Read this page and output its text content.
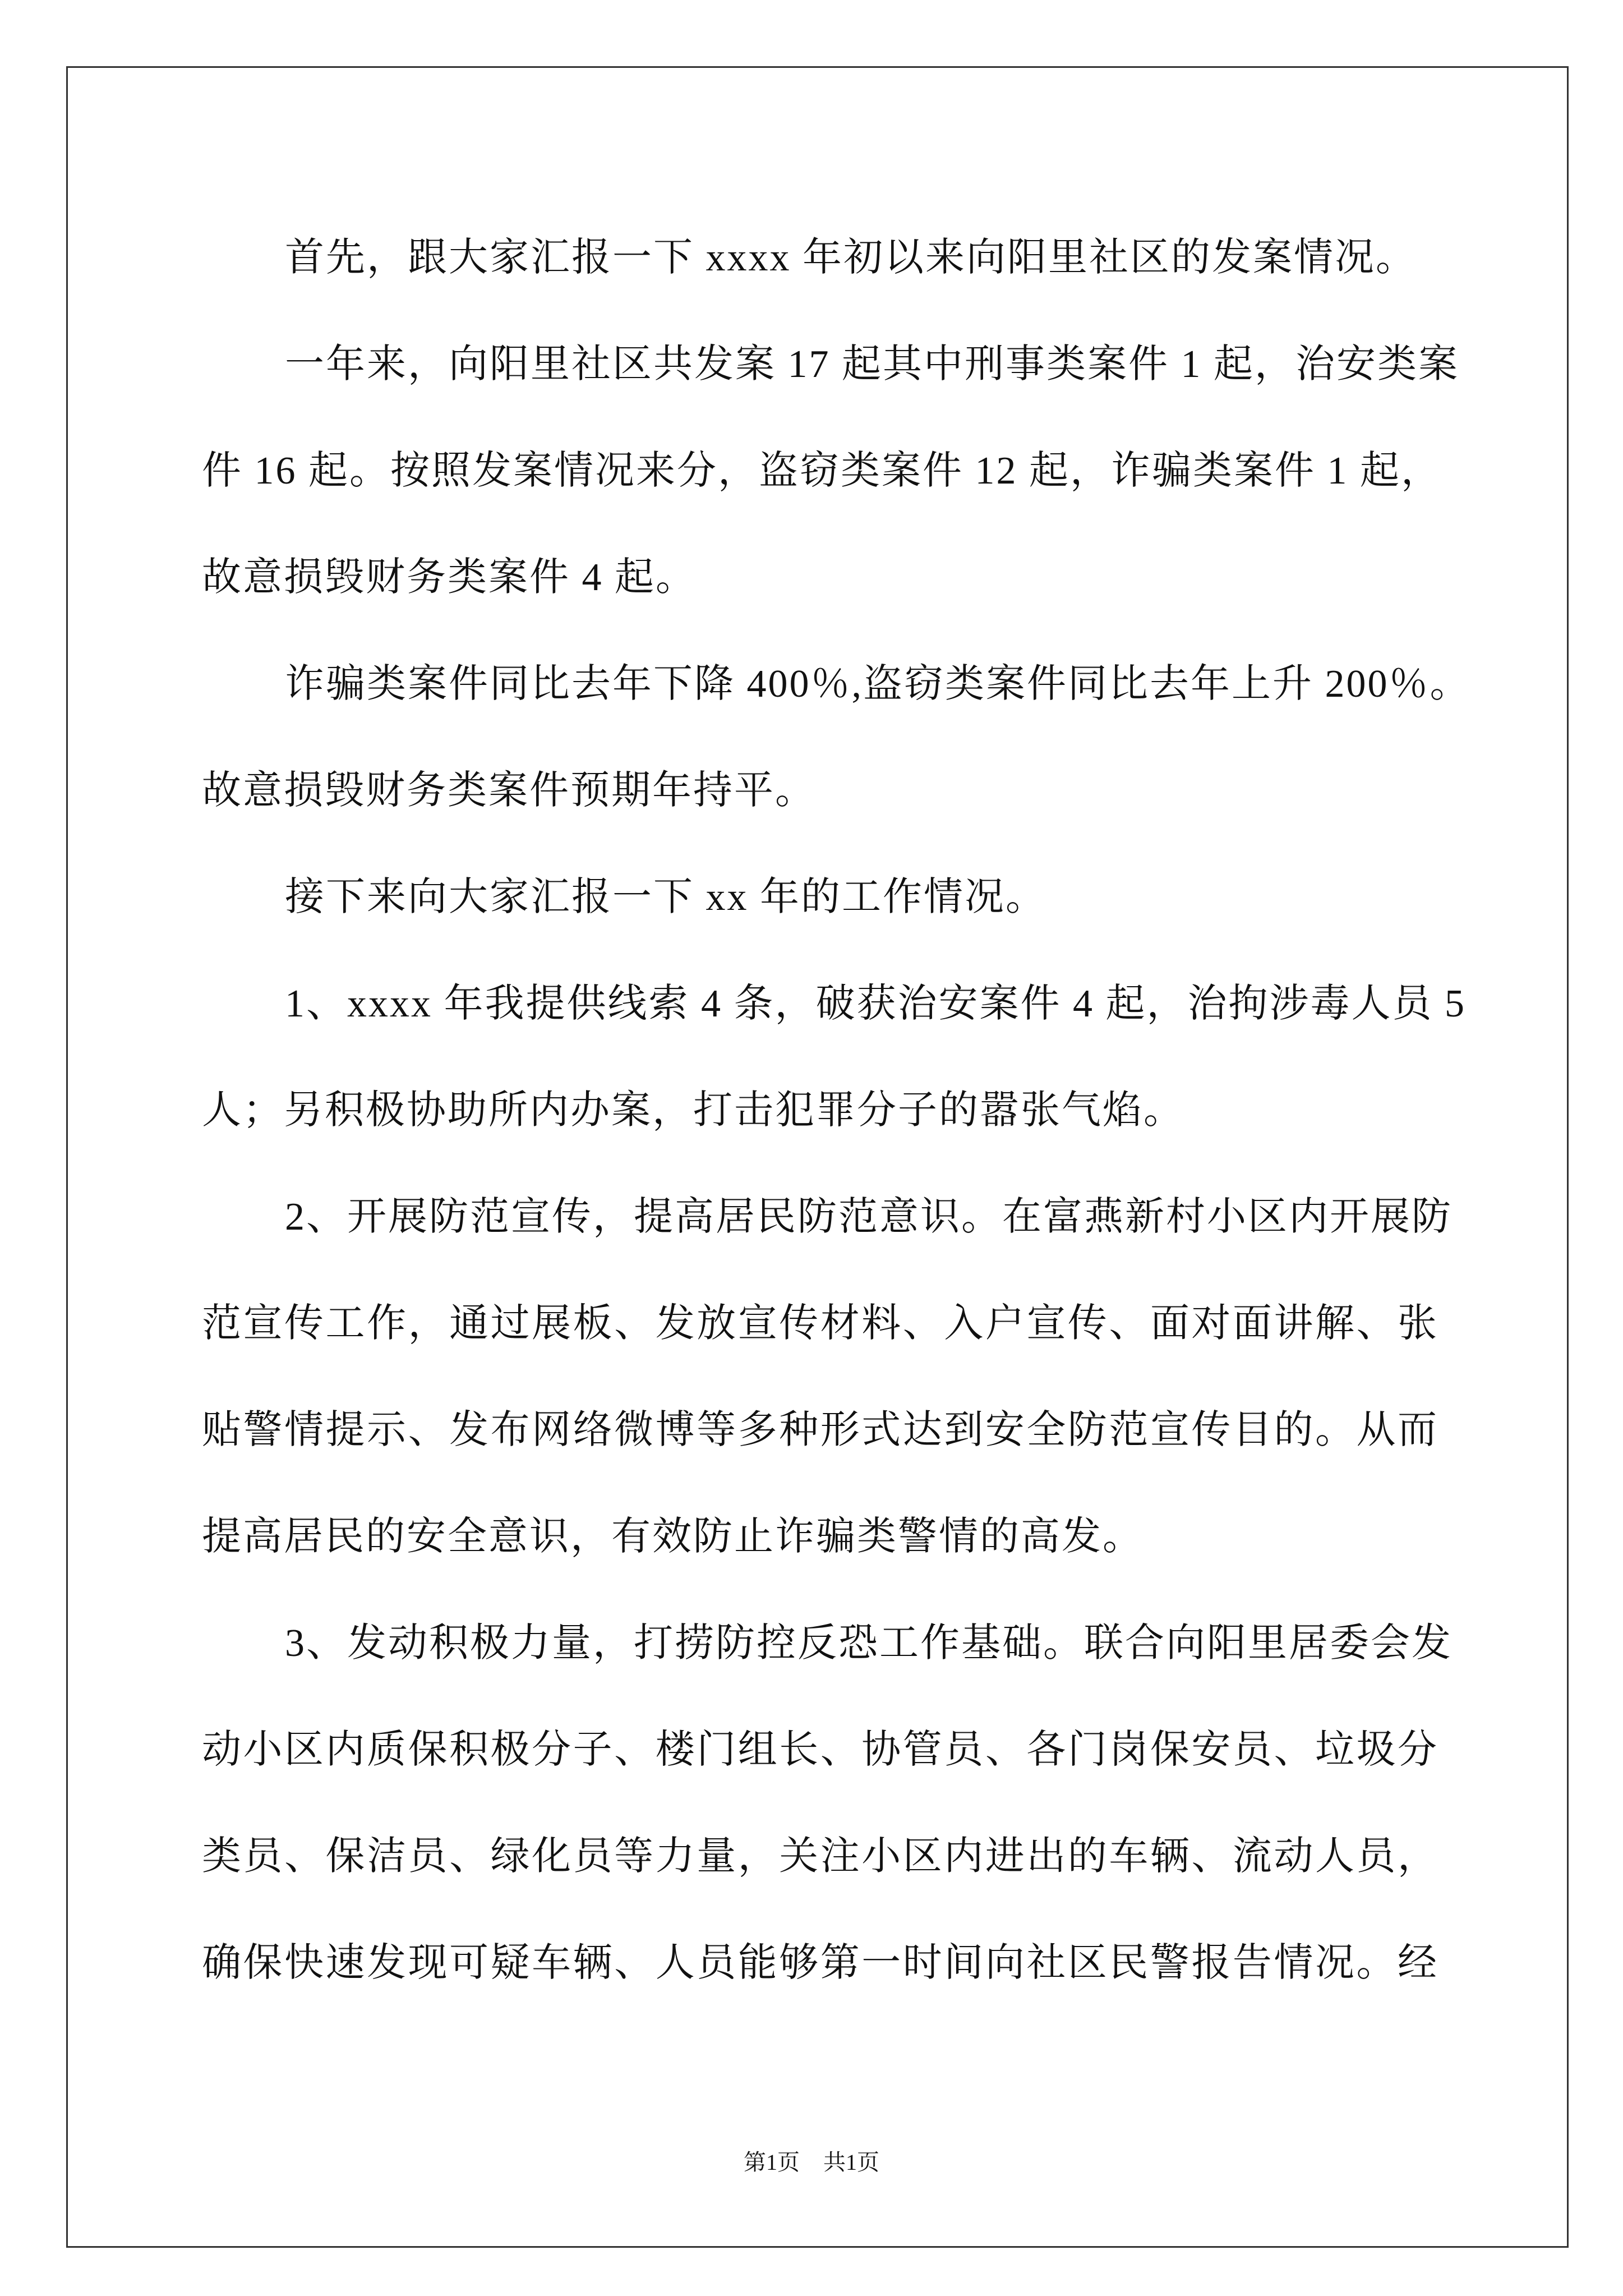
首先，跟大家汇报一下 xxxx 年初以来向阳里社区的发案情况。
一年来，向阳里社区共发案 17 起其中刑事类案件 1 起，治安类案
件 16 起。按照发案情况来分，盗窃类案件 12 起，诈骗类案件 1 起，
故意损毁财务类案件 4 起。
诈骗类案件同比去年下降 400％,盗窃类案件同比去年上升 200％。
故意损毁财务类案件预期年持平。
接下来向大家汇报一下 xx 年的工作情况。
1、xxxx 年我提供线索 4 条，破获治安案件 4 起，治拘涉毒人员 5
人；另积极协助所内办案，打击犯罪分子的嚣张气焰。
2、开展防范宣传，提高居民防范意识。在富燕新村小区内开展防
范宣传工作，通过展板、发放宣传材料、入户宣传、面对面讲解、张
贴警情提示、发布网络微博等多种形式达到安全防范宣传目的。从而
提高居民的安全意识，有效防止诈骗类警情的高发。
3、发动积极力量，打捞防控反恐工作基础。联合向阳里居委会发
动小区内质保积极分子、楼门组长、协管员、各门岗保安员、垃圾分
类员、保洁员、绿化员等力量，关注小区内进出的车辆、流动人员，
确保快速发现可疑车辆、人员能够第一时间向社区民警报告情况。经
第1页 共1页
